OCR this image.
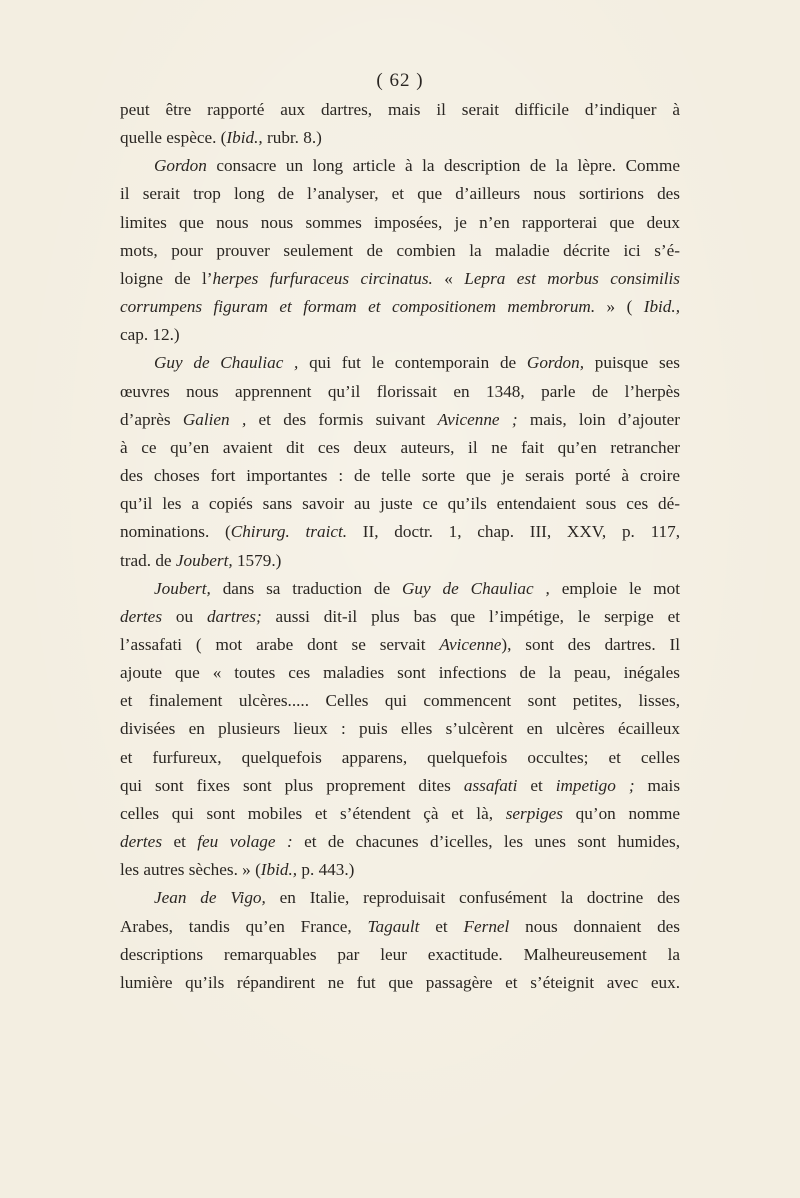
( 62 )
peut être rapporté aux dartres, mais il serait difficile d’indiquer à
quelle espèce. (Ibid., rubr. 8.)
Gordon consacre un long article à la description de la lèpre. Comme
il serait trop long de l’analyser, et que d’ailleurs nous sortirions des
limites que nous nous sommes imposées, je n’en rapporterai que deux
mots, pour prouver seulement de combien la maladie décrite ici s’é-
loigne de l’herpes furfuraceus circinatus. « Lepra est morbus consimilis
corrumpens figuram et formam et compositionem membrorum. » ( Ibid.,
cap. 12.)
Guy de Chauliac , qui fut le contemporain de Gordon, puisque ses
œuvres nous apprennent qu’il florissait en 1348, parle de l’herpès
d’après Galien , et des formis suivant Avicenne ; mais, loin d’ajouter
à ce qu’en avaient dit ces deux auteurs, il ne fait qu’en retrancher
des choses fort importantes : de telle sorte que je serais porté à croire
qu’il les a copiés sans savoir au juste ce qu’ils entendaient sous ces dé-
nominations. (Chirurg. traict. II, doctr. 1, chap. III, XXV, p. 117,
trad. de Joubert, 1579.)
Joubert, dans sa traduction de Guy de Chauliac , emploie le mot
dertes ou dartres; aussi dit-il plus bas que l’impétige, le serpige et
l’assafati ( mot arabe dont se servait Avicenne), sont des dartres. Il
ajoute que « toutes ces maladies sont infections de la peau, inégales
et finalement ulcères..... Celles qui commencent sont petites, lisses,
divisées en plusieurs lieux : puis elles s’ulcèrent en ulcères écailleux
et furfureux, quelquefois apparens, quelquefois occultes; et celles
qui sont fixes sont plus proprement dites assafati et impetigo ; mais
celles qui sont mobiles et s’étendent çà et là, serpiges qu’on nomme
dertes et feu volage : et de chacunes d’icelles, les unes sont humides,
les autres sèches. » (Ibid., p. 443.)
Jean de Vigo, en Italie, reproduisait confusément la doctrine des
Arabes, tandis qu’en France, Tagault et Fernel nous donnaient des
descriptions remarquables par leur exactitude. Malheureusement la
lumière qu’ils répandirent ne fut que passagère et s’éteignit avec eux.
